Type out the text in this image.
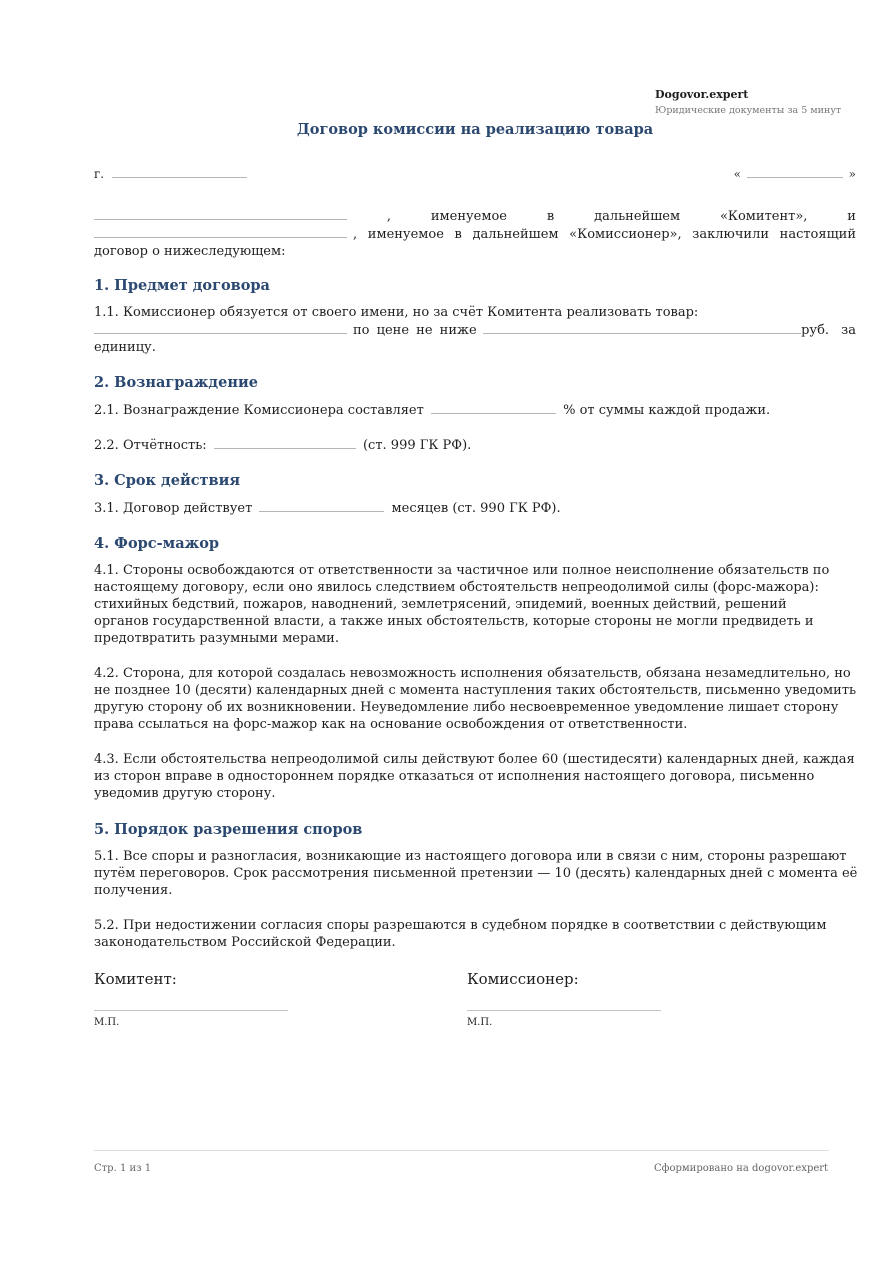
Dogovor.expert
Юридические документы за 5 минут
Договор комиссии на реализацию товара
г.	«	»
,	именуемое	в	дальнейшем	«Комитент»,	и
, именуемое в дальнейшем «Комиссионер», заключили настоящий
договор о нижеследующем:
1. Предмет договора
1.1. Комиссионер обязуется от своего имени, но за счёт Комитента реализовать товар:
по цене не ниже	руб. за
единицу.
2. Вознаграждение
2.1. Вознаграждение Комиссионера составляет	% от суммы каждой продажи.
2.2. Отчётность:	(ст. 999 ГК РФ).
3. Срок действия
3.1. Договор действует	месяцев (ст. 990 ГК РФ).
4. Форс-мажор
4.1. Стороны освобождаются от ответственности за частичное или полное неисполнение обязательств по
настоящему договору, если оно явилось следствием обстоятельств непреодолимой силы (форс-мажора):
стихийных бедствий, пожаров, наводнений, землетрясений, эпидемий, военных действий, решений
органов государственной власти, а также иных обстоятельств, которые стороны не могли предвидеть и
предотвратить разумными мерами.
4.2. Сторона, для которой создалась невозможность исполнения обязательств, обязана незамедлительно, но
не позднее 10 (десяти) календарных дней с момента наступления таких обстоятельств, письменно уведомить
другую сторону об их возникновении. Неуведомление либо несвоевременное уведомление лишает сторону
права ссылаться на форс-мажор как на основание освобождения от ответственности.
4.3. Если обстоятельства непреодолимой силы действуют более 60 (шестидесяти) календарных дней, каждая
из сторон вправе в одностороннем порядке отказаться от исполнения настоящего договора, письменно
уведомив другую сторону.
5. Порядок разрешения споров
5.1. Все споры и разногласия, возникающие из настоящего договора или в связи с ним, стороны разрешают
путём переговоров. Срок рассмотрения письменной претензии — 10 (десять) календарных дней с момента её
получения.
5.2. При недостижении согласия споры разрешаются в судебном порядке в соответствии с действующим
законодательством Российской Федерации.
Комитент:	Комиссионер:
М.П.	М.П.
Стр. 1 из 1	Сформировано на dogovor.expert
